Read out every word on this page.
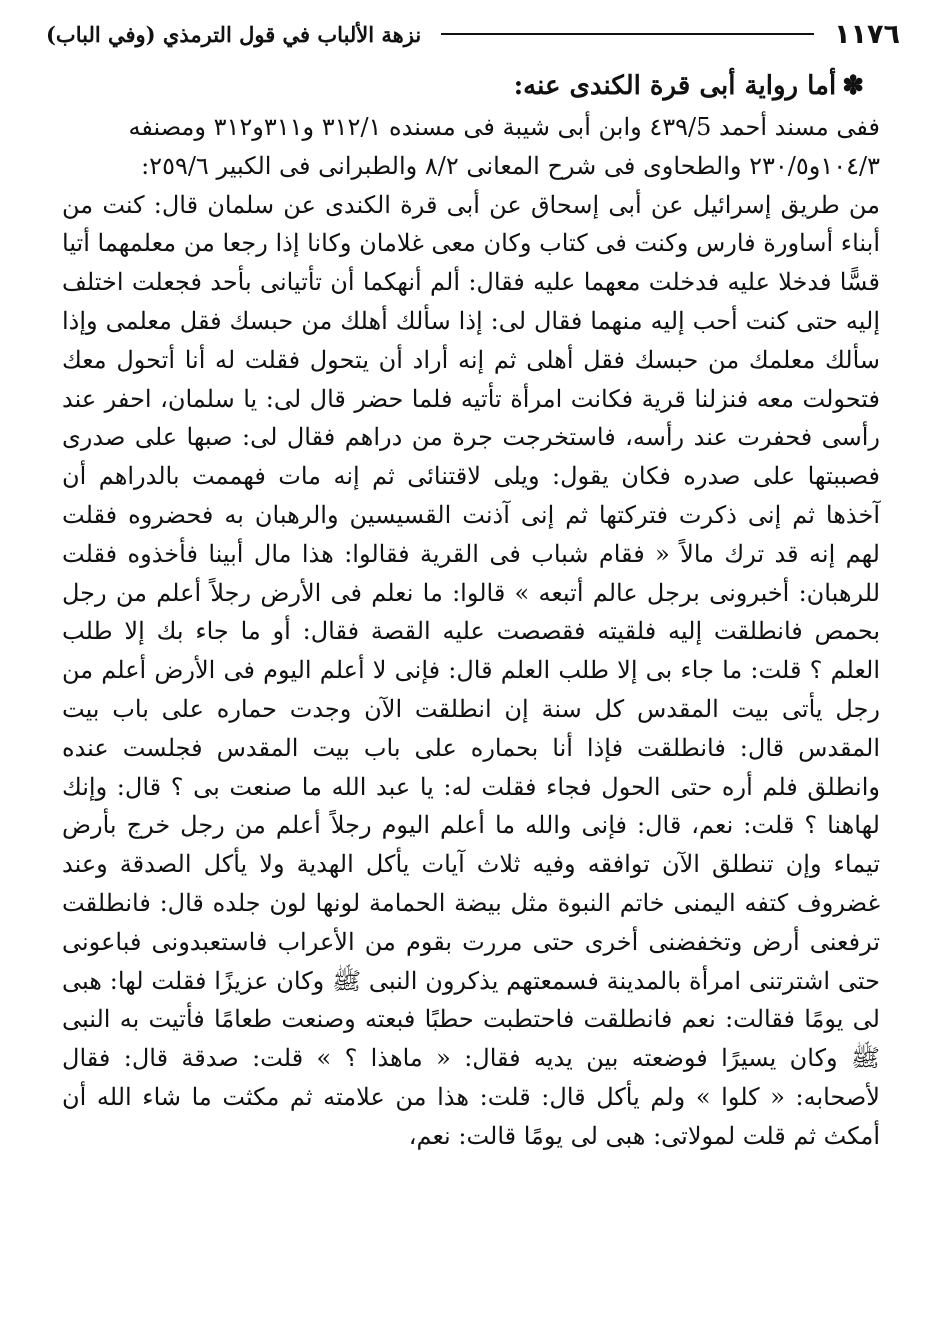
١١٧٦
نزهة الألباب في قول الترمذي (وفي الباب)
✽أما رواية أبى قرة الكندى عنه:

ففى مسند أحمد ٤٣٩/5 وابن أبى شيبة فى مسنده ٣١٢/١ و٣١١و٣١٢ ومصنفه

١٠٤/٣و٢٣٠/٥ والطحاوى فى شرح المعانى ٨/٢ والطبرانى فى الكبير ٢٥٩/٦:

من طريق إسرائيل عن أبى إسحاق عن أبى قرة الكندى عن سلمان قال: كنت من أبناء أساورة فارس وكنت فى كتاب وكان معى غلامان وكانا إذا رجعا من معلمهما أتيا قسًّا فدخلا عليه فدخلت معهما عليه فقال: ألم أنهكما أن تأتيانى بأحد فجعلت اختلف إليه حتى كنت أحب إليه منهما فقال لى: إذا سألك أهلك من حبسك فقل معلمى وإذا سألك معلمك من حبسك فقل أهلى ثم إنه أراد أن يتحول فقلت له أنا أتحول معك فتحولت معه فنزلنا قرية فكانت امرأة تأتيه فلما حضر قال لى: يا سلمان، احفر عند رأسى فحفرت عند رأسه، فاستخرجت جرة من دراهم فقال لى: صبها على صدرى فصببتها على صدره فكان يقول: ويلى لاقتنائى ثم إنه مات فهممت بالدراهم أن آخذها ثم إنى ذكرت فتركتها ثم إنى آذنت القسيسين والرهبان به فحضروه فقلت لهم إنه قد ترك مالاً « فقام شباب فى القرية فقالوا: هذا مال أبينا فأخذوه فقلت للرهبان: أخبرونى برجل عالم أتبعه » قالوا: ما نعلم فى الأرض رجلاً أعلم من رجل بحمص فانطلقت إليه فلقيته فقصصت عليه القصة فقال: أو ما جاء بك إلا طلب العلم ؟ قلت: ما جاء بى إلا طلب العلم قال: فإنى لا أعلم اليوم فى الأرض أعلم من رجل يأتى بيت المقدس كل سنة إن انطلقت الآن وجدت حماره على باب بيت المقدس قال: فانطلقت فإذا أنا بحماره على باب بيت المقدس فجلست عنده وانطلق فلم أره حتى الحول فجاء فقلت له: يا عبد الله ما صنعت بى ؟ قال: وإنك لهاهنا ؟ قلت: نعم، قال: فإنى والله ما أعلم اليوم رجلاً أعلم من رجل خرج بأرض تيماء وإن تنطلق الآن توافقه وفيه ثلاث آيات يأكل الهدية ولا يأكل الصدقة وعند غضروف كتفه اليمنى خاتم النبوة مثل بيضة الحمامة لونها لون جلده قال: فانطلقت ترفعنى أرض وتخفضنى أخرى حتى مررت بقوم من الأعراب فاستعبدونى فباعونى حتى اشترتنى امرأة بالمدينة فسمعتهم يذكرون النبى ﷺ وكان عزيزًا فقلت لها: هبى لى يومًا فقالت: نعم فانطلقت فاحتطبت حطبًا فبعته وصنعت طعامًا فأتيت به النبى ﷺ وكان يسيرًا فوضعته بين يديه فقال: « ماهذا ؟ » قلت: صدقة قال: فقال لأصحابه: « كلوا » ولم يأكل قال: قلت: هذا من علامته ثم مكثت ما شاء الله أن أمكث ثم قلت لمولاتى: هبى لى يومًا قالت: نعم،
